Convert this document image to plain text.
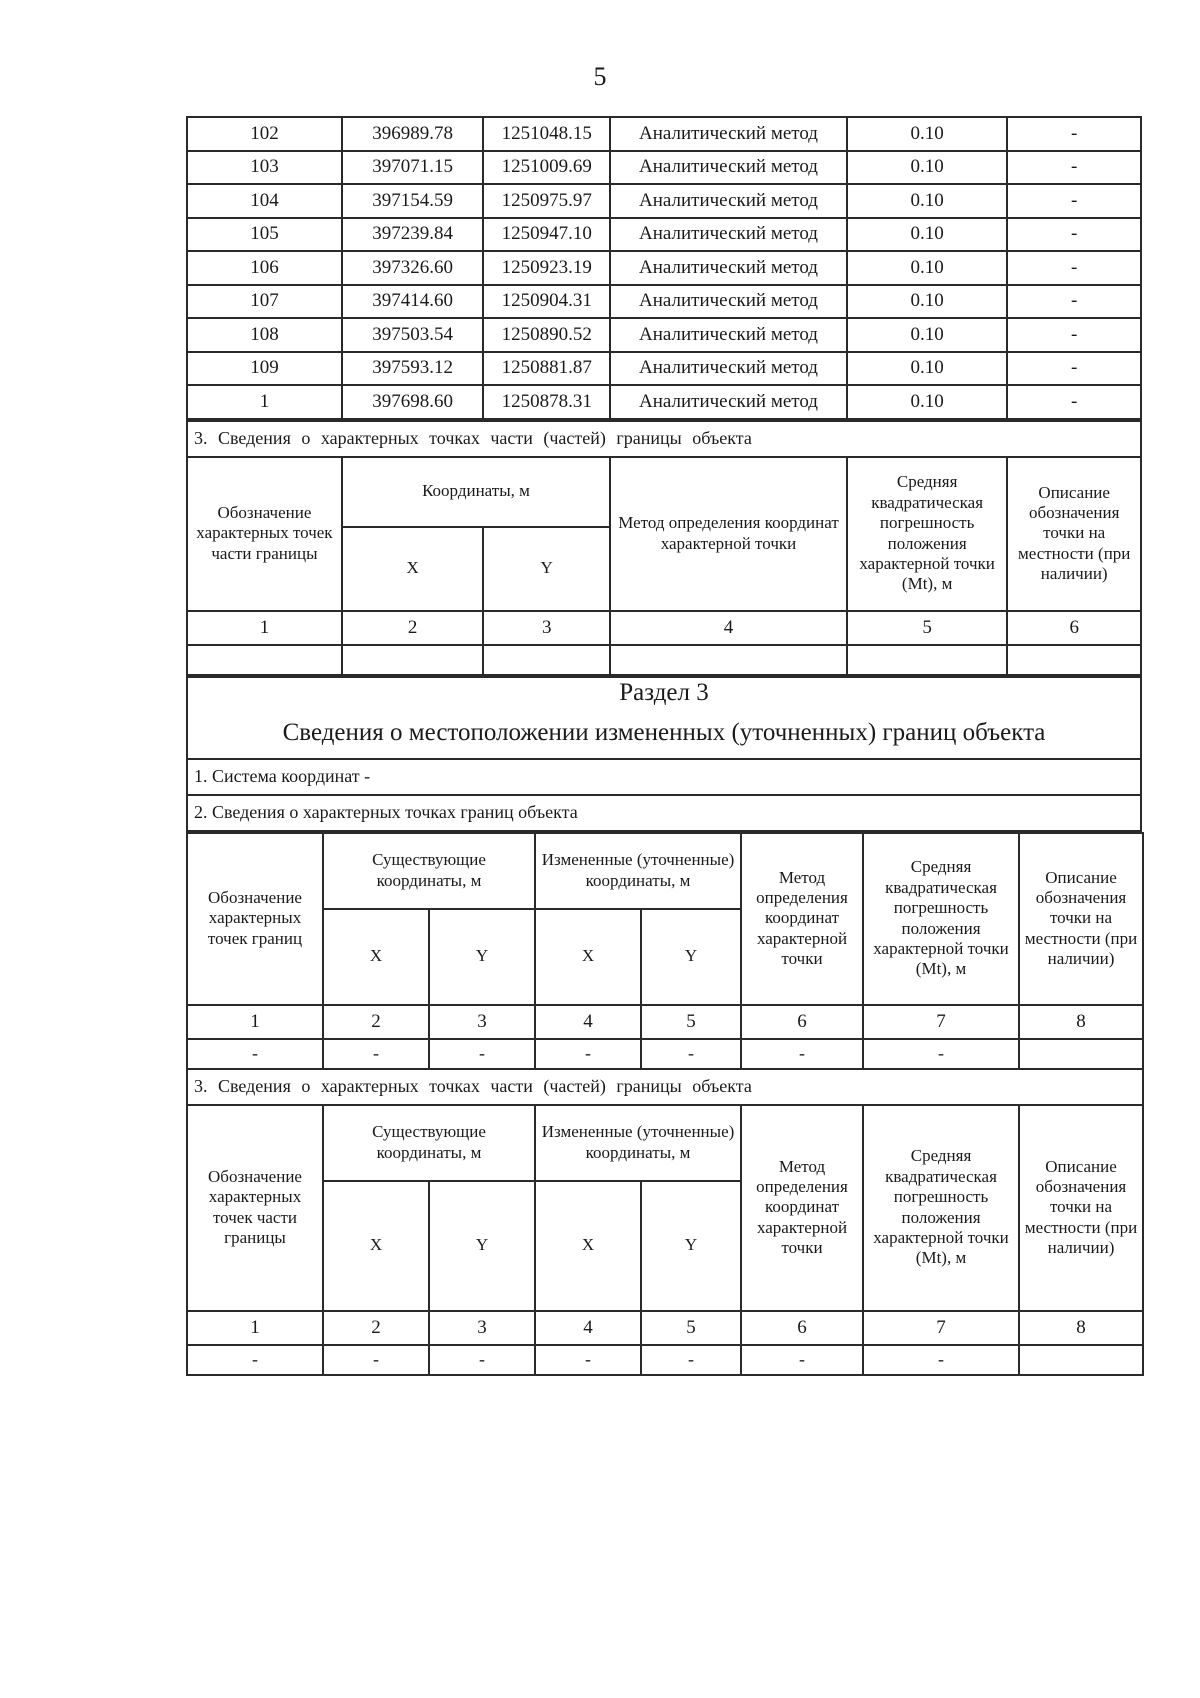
5
102	396989.78	1251048.15	Аналитический метод	0.10	-
103	397071.15	1251009.69	Аналитический метод	0.10	-
104	397154.59	1250975.97	Аналитический метод	0.10	-
105	397239.84	1250947.10	Аналитический метод	0.10	-
106	397326.60	1250923.19	Аналитический метод	0.10	-
107	397414.60	1250904.31	Аналитический метод	0.10	-
108	397503.54	1250890.52	Аналитический метод	0.10	-
109	397593.12	1250881.87	Аналитический метод	0.10	-
1	397698.60	1250878.31	Аналитический метод	0.10	-
3. Сведения о характерных точках части (частей) границы объекта					
Обозначение характерных точек части границы	Координаты, м		Метод определения координат характерной точки	Средняя квадратическая погрешность положения характерной точки (Mt), м	Описание обозначения точки на местности (при наличии)
	X	Y			
1	2	3	4	5	6

Раздел 3
Сведения о местоположении измененных (уточненных) границ объекта
1. Система координат -
2. Сведения о характерных точках границ объекта
Обозначение характерных точек границ	Существующие координаты, м		Измененные (уточненные) координаты, м		Метод определения координат характерной точки	Средняя квадратическая погрешность положения характерной точки (Mt), м	Описание обозначения точки на местности (при наличии)
	X	Y	X	Y			
1	2	3	4	5	6	7	8
-	-	-	-	-	-	-	
3. Сведения о характерных точках части (частей) границы объекта							
Обозначение характерных точек части границы	Существующие координаты, м		Измененные (уточненные) координаты, м		Метод определения координат характерной точки	Средняя квадратическая погрешность положения характерной точки (Mt), м	Описание обозначения точки на местности (при наличии)
	X	Y	X	Y			
1	2	3	4	5	6	7	8
-	-	-	-	-	-	-	
